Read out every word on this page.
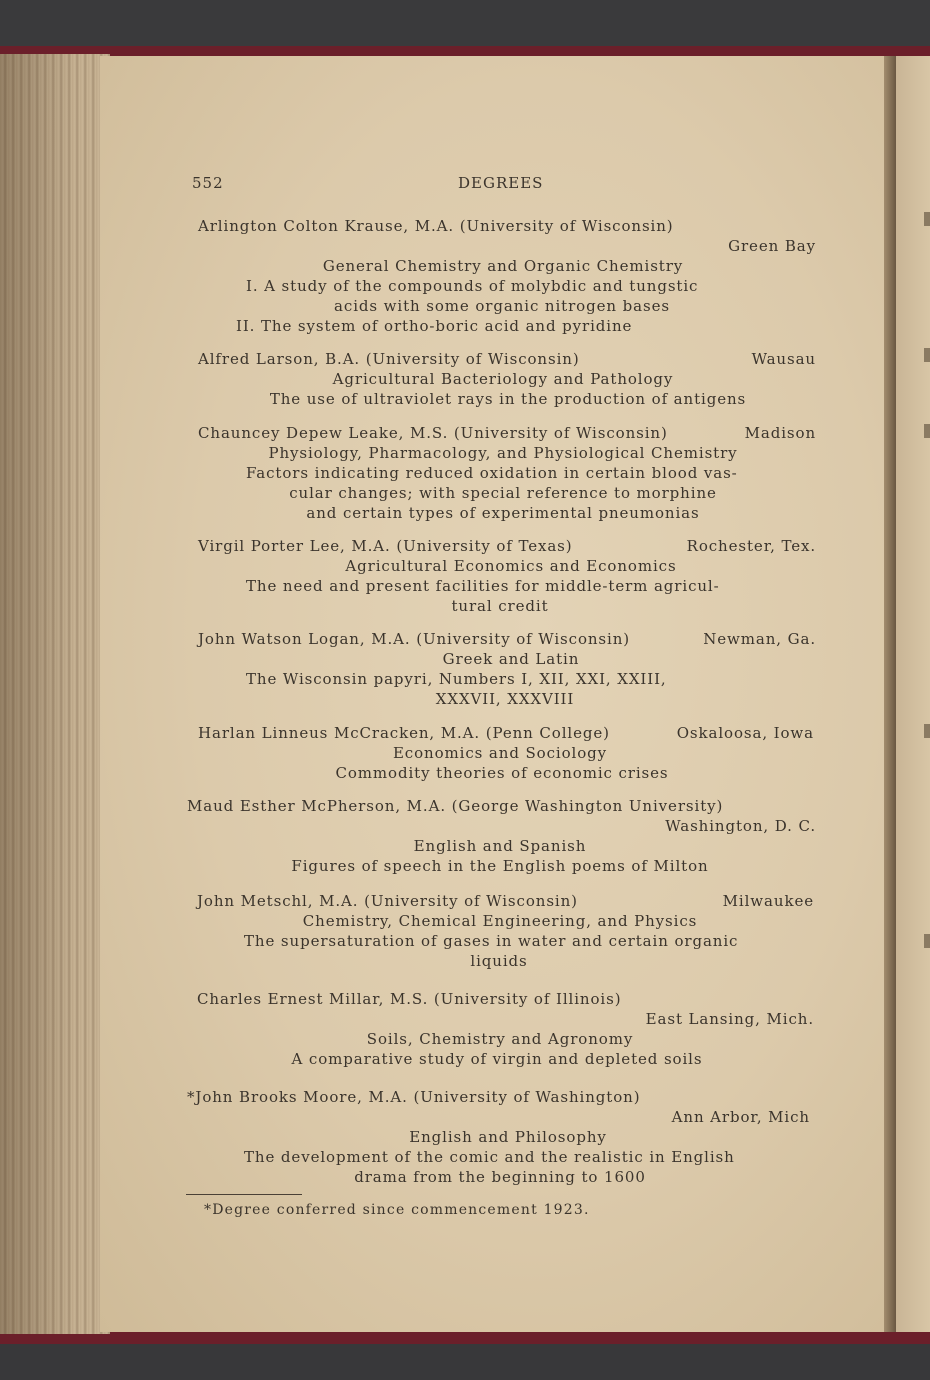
552	DEGREES
Arlington Colton Krause, M.A. (University of Wisconsin)
Green Bay
General Chemistry and Organic Chemistry
I. A study of the compounds of molybdic and tungstic
acids with some organic nitrogen bases
II. The system of ortho-boric acid and pyridine
Alfred Larson, B.A. (University of Wisconsin)	Wausau
Agricultural Bacteriology and Pathology
The use of ultraviolet rays in the production of antigens
Chauncey Depew Leake, M.S. (University of Wisconsin)	Madison
Physiology, Pharmacology, and Physiological Chemistry
Factors indicating reduced oxidation in certain blood vas-
cular changes; with special reference to morphine
and certain types of experimental pneumonias
Virgil Porter Lee, M.A. (University of Texas)	Rochester, Tex.
Agricultural Economics and Economics
The need and present facilities for middle-term agricul-
tural credit
John Watson Logan, M.A. (University of Wisconsin)	Newman, Ga.
Greek and Latin
The Wisconsin papyri, Numbers I, XII, XXI, XXIII,
XXXVII, XXXVIII
Harlan Linneus McCracken, M.A. (Penn College)	Oskaloosa, Iowa
Economics and Sociology
Commodity theories of economic crises
Maud Esther McPherson, M.A. (George Washington University)
Washington, D. C.
English and Spanish
Figures of speech in the English poems of Milton
John Metschl, M.A. (University of Wisconsin)	Milwaukee
Chemistry, Chemical Engineering, and Physics
The supersaturation of gases in water and certain organic
liquids
Charles Ernest Millar, M.S. (University of Illinois)
East Lansing, Mich.
Soils, Chemistry and Agronomy
A comparative study of virgin and depleted soils
*John Brooks Moore, M.A. (University of Washington)
Ann Arbor, Mich
English and Philosophy
The development of the comic and the realistic in English
drama from the beginning to 1600
*Degree conferred since commencement 1923.
